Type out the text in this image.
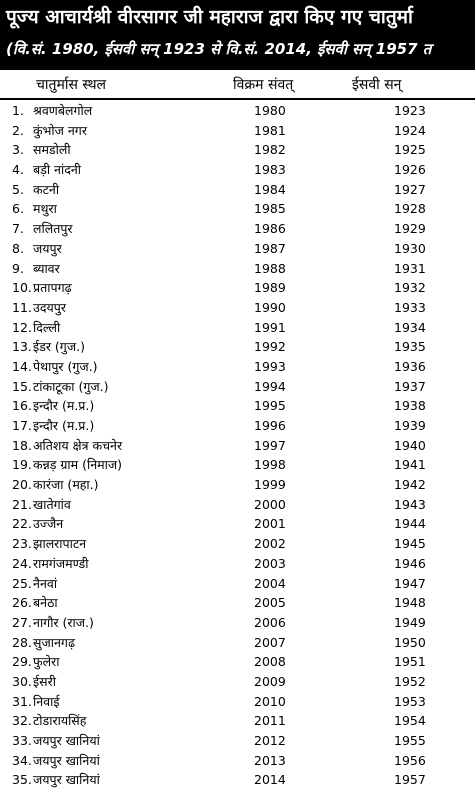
पूज्य आचार्यश्री वीरसागर जी महाराज द्वारा किए गए चातुर्मा
(वि.सं. 1980, ईसवी सन् 1923 से वि.सं. 2014, ईसवी सन् 1957 त
चातुर्मास स्थल	विक्रम संवत्	ईसवी सन्
1. श्रवणबेलगोल	1980	1923
2. कुंभोज नगर	1981	1924
3. समडोली	1982	1925
4. बड़ी नांदनी	1983	1926
5. कटनी	1984	1927
6. मथुरा	1985	1928
7. ललितपुर	1986	1929
8. जयपुर	1987	1930
9. ब्यावर	1988	1931
10. प्रतापगढ़	1989	1932
11. उदयपुर	1990	1933
12. दिल्ली	1991	1934
13. ईडर (गुज.)	1992	1935
14. पेथापुर (गुज.)	1993	1936
15. टांकाटूका (गुज.)	1994	1937
16. इन्दौर (म.प्र.)	1995	1938
17. इन्दौर (म.प्र.)	1996	1939
18. अतिशय क्षेत्र कचनेर	1997	1940
19. कन्नड़ ग्राम (निमाज)	1998	1941
20. कारंजा (महा.)	1999	1942
21. खातेगांव	2000	1943
22. उज्जैन	2001	1944
23. झालरापाटन	2002	1945
24. रामगंजमण्डी	2003	1946
25. नैनवां	2004	1947
26. बनेठा	2005	1948
27. नागौर (राज.)	2006	1949
28. सुजानगढ़	2007	1950
29. फुलेरा	2008	1951
30. ईसरी	2009	1952
31. निवाई	2010	1953
32. टोडारायसिंह	2011	1954
33. जयपुर खानियां	2012	1955
34. जयपुर खानियां	2013	1956
35. जयपुर खानियां	2014	1957
